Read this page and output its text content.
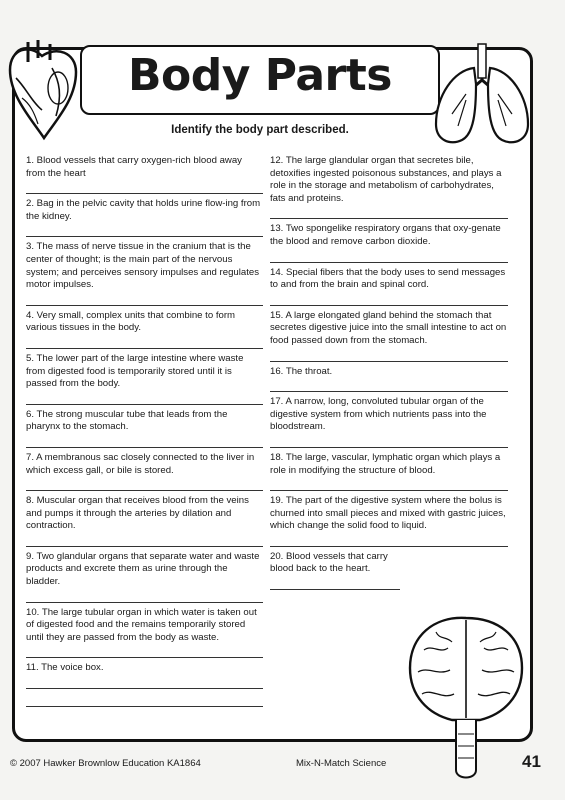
Body Parts
Identify the body part described.

1. Blood vessels that carry oxygen-rich blood away from the heart

2. Bag in the pelvic cavity that holds urine flow-ing from the kidney.

3. The mass of nerve tissue in the cranium that is the center of thought; is the main part of the nervous system; and perceives sensory impulses and regulates motor impulses.

4. Very small, complex units that combine to form various tissues in the body.

5. The lower part of the large intestine where waste from digested food is temporarily stored until it is passed from the body.

6. The strong muscular tube that leads from the pharynx to the stomach.

7. A membranous sac closely connected to the liver in which excess gall, or bile is stored.

8. Muscular organ that receives blood from the veins and pumps it through the arteries by dilation and contraction.

9. Two glandular organs that separate water and waste products and excrete them as urine through the bladder.

10. The large tubular organ in which water is taken out of digested food and the remains temporarily stored until they are passed from the body as waste.

11. The voice box.

12. The large glandular organ that secretes bile, detoxifies ingested poisonous substances, and plays a role in the storage and metabolism of carbohydrates, fats and proteins.

13. Two spongelike respiratory organs that oxy-genate the blood and remove carbon dioxide.

14. Special fibers that the body uses to send messages to and from the brain and spinal cord.

15. A large elongated gland behind the stomach that secretes digestive juice into the small intestine to act on food passed down from the stomach.

16. The throat.

17. A narrow, long, convoluted tubular organ of the digestive system from which nutrients pass into the bloodstream.

18. The large, vascular, lymphatic organ which plays a role in modifying the structure of blood.

19. The part of the digestive system where the bolus is churned into small pieces and mixed with gastric juices, which change the solid food to liquid.

20. Blood vessels that carry blood back to the heart.

© 2007 Hawker Brownlow Education KA1864	Mix-N-Match Science	41
